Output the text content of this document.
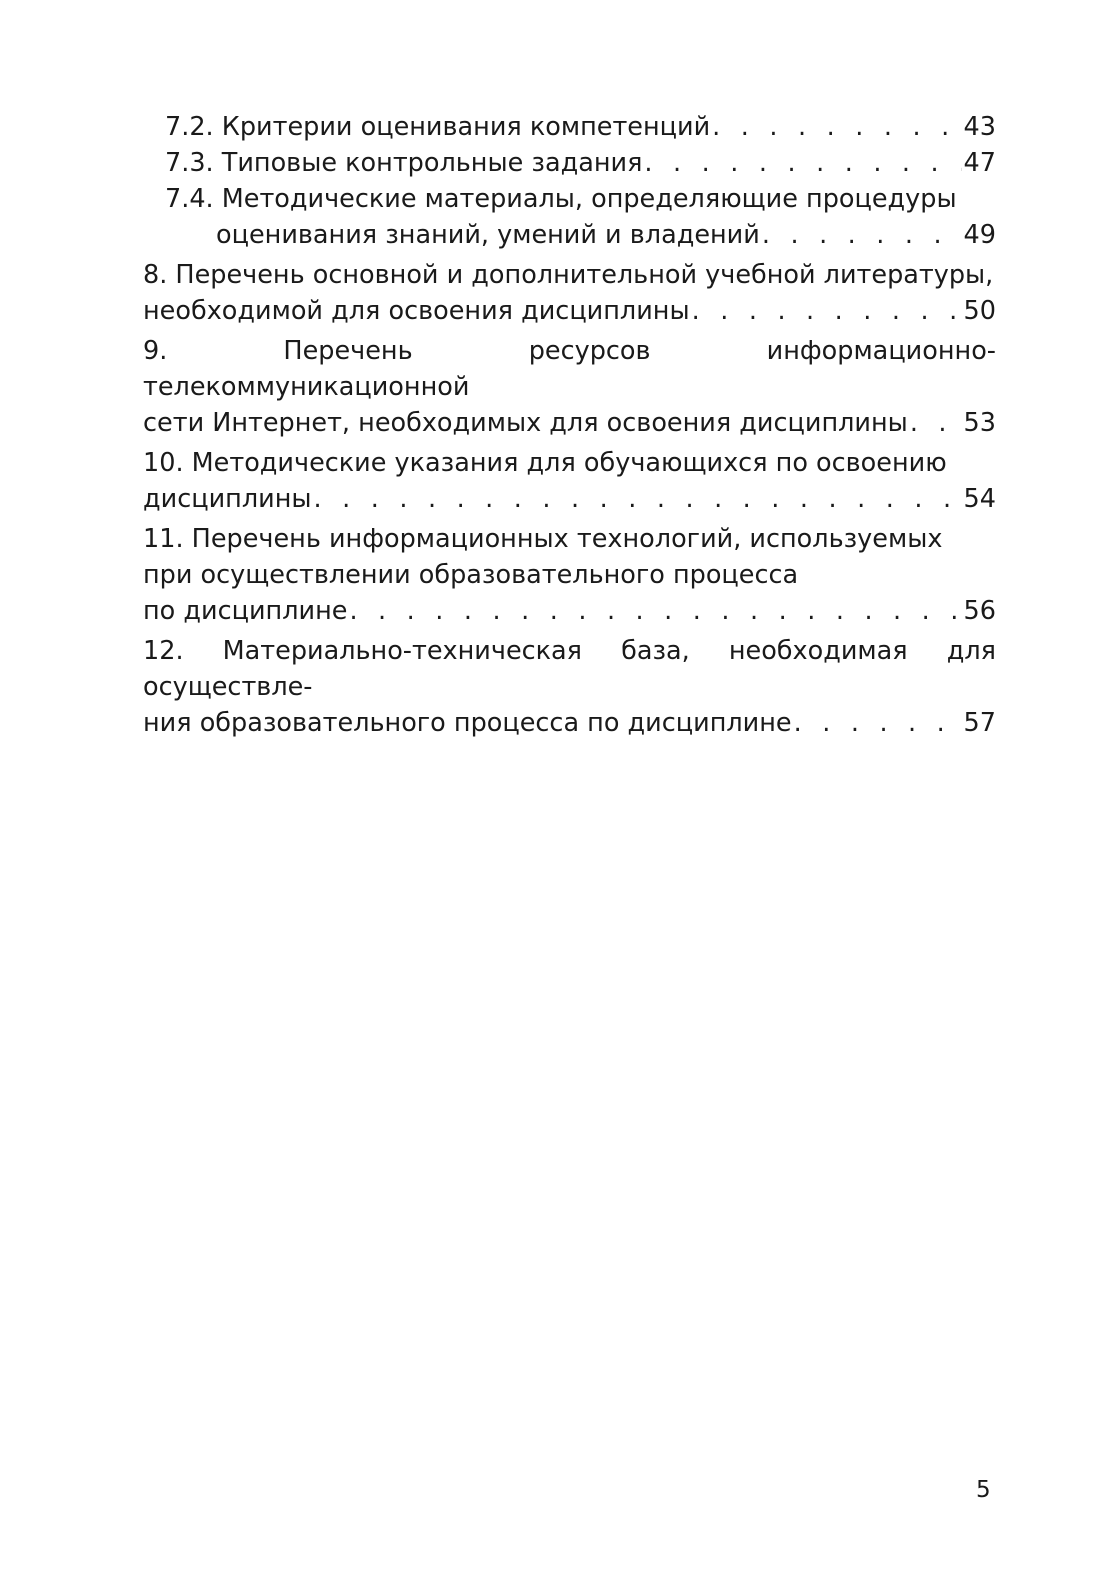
7.2. Критерии оценивания компетенций . . .	43
7.3. Типовые контрольные задания . . .	47
7.4. Методические материалы, определяющие процедуры
оценивания знаний, умений и владений . . .	49
8. Перечень основной и дополнительной учебной литературы,
необходимой для освоения дисциплины . . .	50
9. Перечень ресурсов информационно-телекоммуникационной
сети Интернет, необходимых для освоения дисциплины . . . 53
10. Методические указания для обучающихся по освоению
дисциплины . . .	54
11. Перечень информационных технологий, используемых
при осуществлении образовательного процесса
по дисциплине . . .	56
12. Материально-техническая база, необходимая для осуществле-
ния образовательного процесса по дисциплине . . .	57
5
